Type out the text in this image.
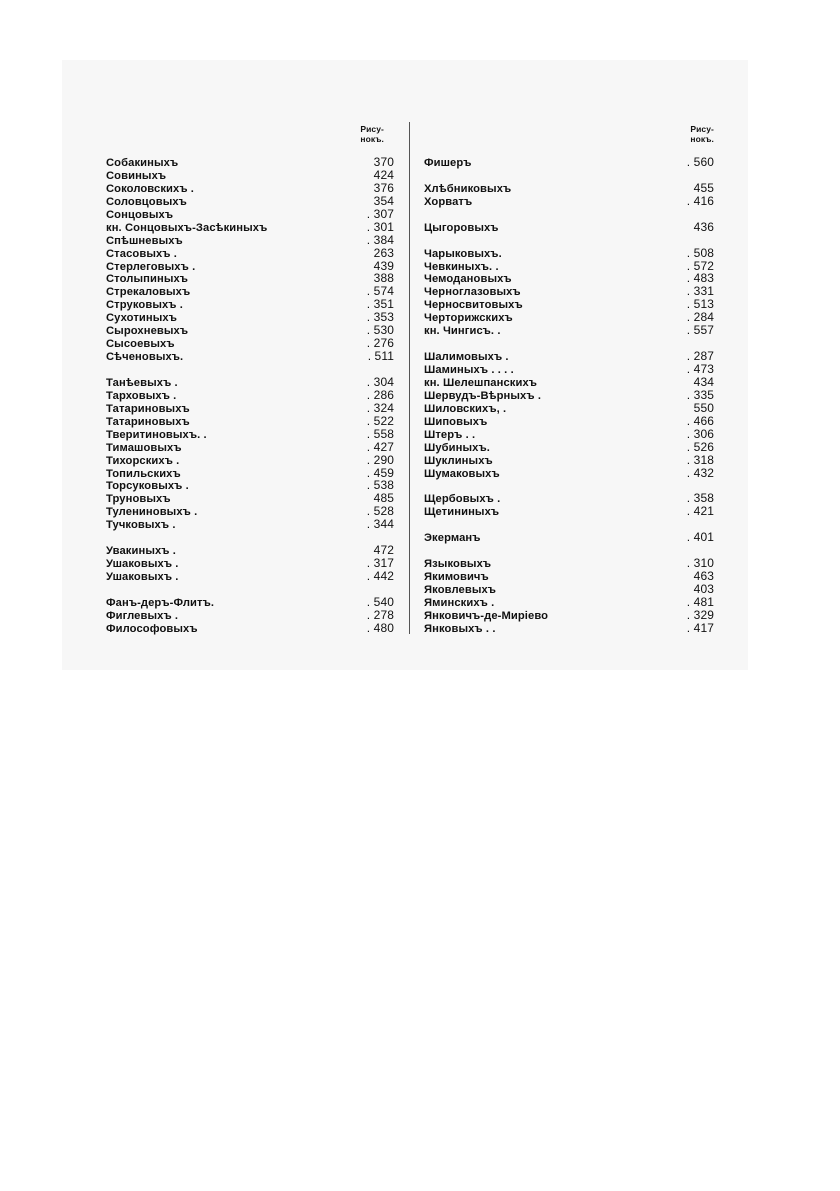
Рису-
нокъ.
Собакиныхъ	370
Совиныхъ	424
Соколовскихъ .	376
Соловцовыхъ	354
Сонцовыхъ	. 307
кн. Сонцовыхъ-Засѣкиныхъ	. 301
Спѣшневыхъ	. 384
Стасовыхъ .	263
Стерлеговыхъ .	439
Столыпиныхъ	388
Стрекаловыхъ	. 574
Струковыхъ .	. 351
Сухотиныхъ	. 353
Сырохневыхъ	. 530
Сысоевыхъ	. 276
Сѣченовыхъ.	. 511
Танѣевыхъ .	. 304
Тарховыхъ .	. 286
Татариновыхъ	. 324
Татариновыхъ	. 522
Тверитиновыхъ. .	. 558
Тимашовыхъ	. 427
Тихорскихъ .	. 290
Топильскихъ	. 459
Торсуковыхъ .	. 538
Труновыхъ	485
Тулениновыхъ .	. 528
Тучковыхъ .	. 344
Увакиныхъ .	472
Ушаковыхъ .	. 317
Ушаковыхъ .	. 442
Фанъ-деръ-Флитъ.	. 540
Фиглевыхъ .	. 278
Философовыхъ	. 480
Рису-
нокъ.
Фишеръ	. 560
Хлѣбниковыхъ	455
Хорватъ	. 416
Цыгоровыхъ	436
Чарыковыхъ.	. 508
Чевкиныхъ. .	. 572
Чемодановыхъ	. 483
Черноглазовыхъ	. 331
Черносвитовыхъ	. 513
Черторижскихъ	. 284
кн. Чингисъ. .	. 557
Шалимовыхъ .	. 287
Шаминыхъ . . . .	. 473
кн. Шелешпанскихъ	434
Шервудъ-Вѣрныхъ .	. 335
Шиловскихъ, .	550
Шиповыхъ	. 466
Штеръ . .	. 306
Шубиныхъ.	. 526
Шуклиныхъ	. 318
Шумаковыхъ	. 432
Щербовыхъ .	. 358
Щетининыхъ	. 421
Экерманъ	. 401
Языковыхъ	. 310
Якимовичъ	463
Яковлевыхъ	403
Яминскихъ .	. 481
Янковичъ-де-Миріево	. 329
Янковыхъ . .	. 417
